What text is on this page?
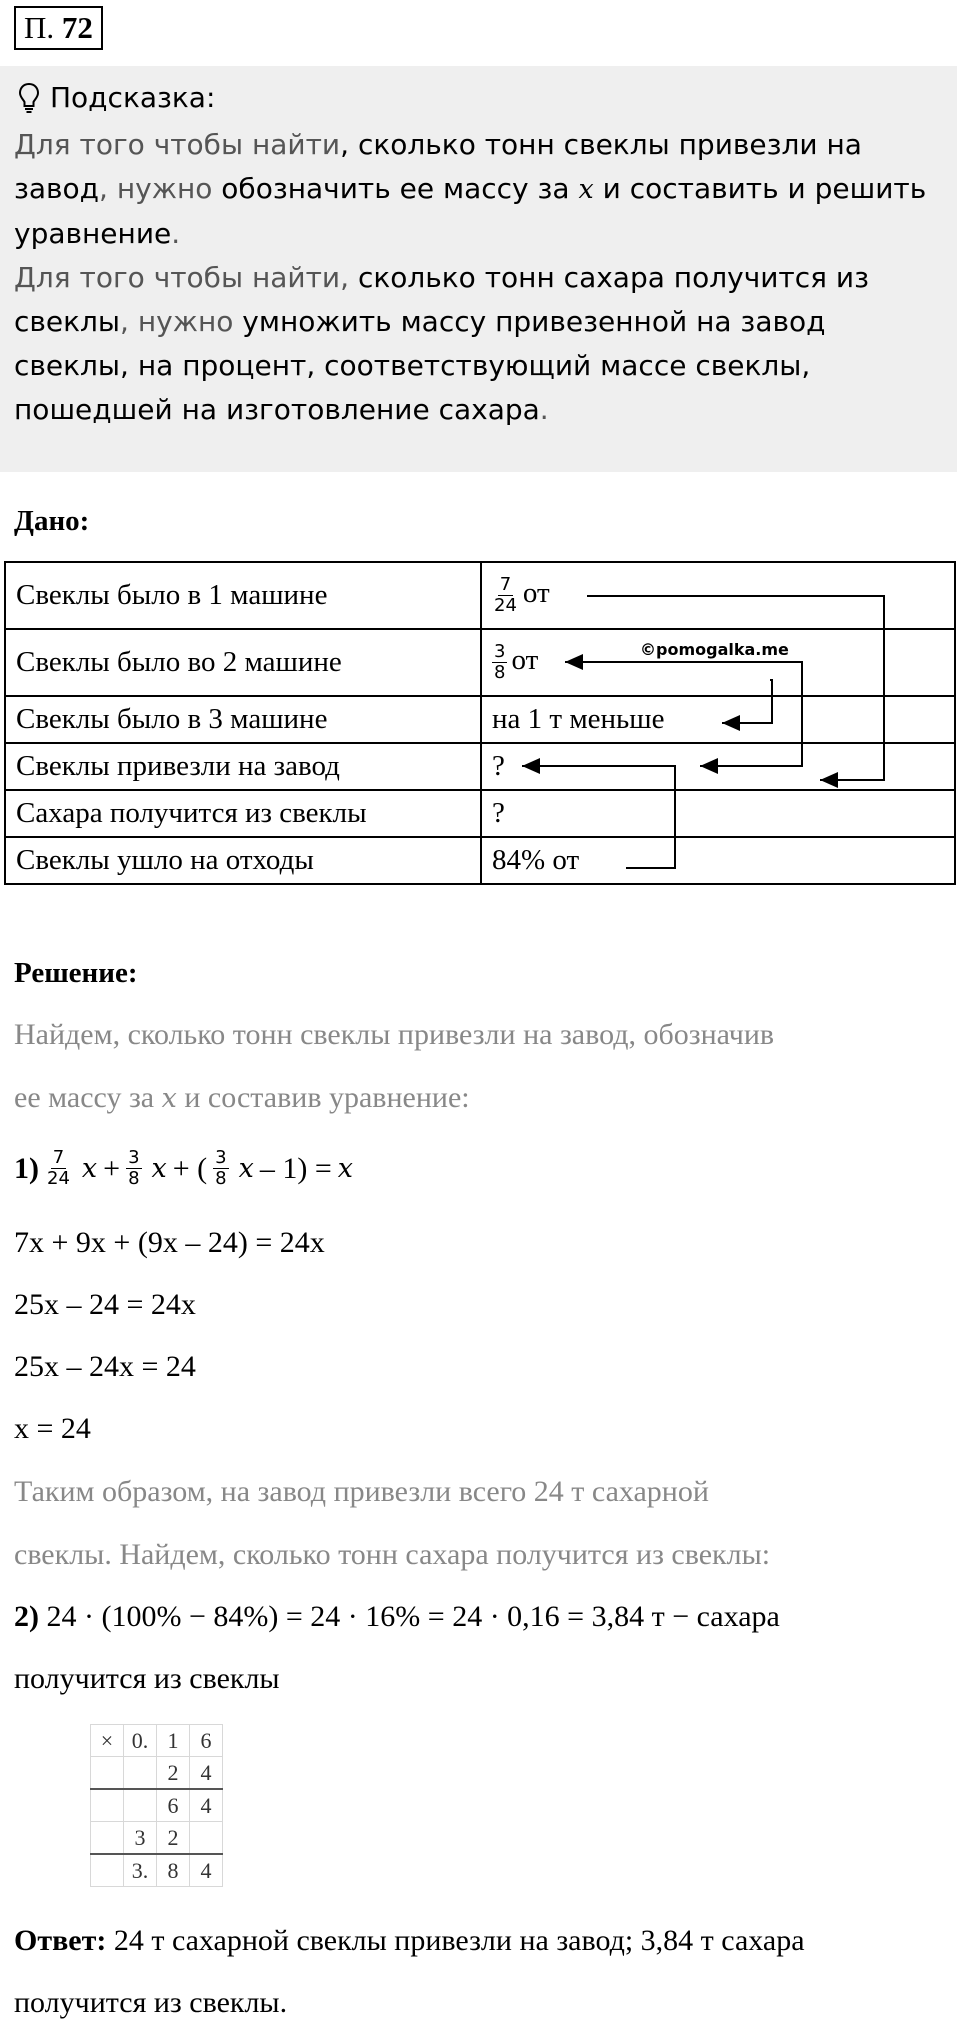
П. 72
Подсказка:

Для того чтобы найти, сколько тонн свеклы привезли на завод, нужно обозначить ее массу за x и составить и решить уравнение.

Для того чтобы найти, сколько тонн сахара получится из свеклы, нужно умножить массу привезенной на завод свеклы, на процент, соответствующий массе свеклы, пошедшей на изготовление сахара.

Дано:
Свеклы было в 1 машине	$\frac{7}{24}$ от
Свеклы было во 2 машине	$\frac{3}{8}$ от
Свеклы было в 3 машине	на 1 т меньше
Свеклы привезли на завод	?
Сахара получится из свеклы	?
Свеклы ушло на отходы	84% от
©pomogalka.me
Решение:
Найдем, сколько тонн свеклы привезли на завод, обозначив
ее массу за x и составив уравнение:
$1) \frac{7}{24}$ $x + \frac{3}{8}$ x + ( $\frac{3}{8}$ x – 1) = x
7x + 9x + (9x – 24) = 24x
25x – 24 = 24x
25x – 24x = 24
x = 24
Таким образом, на завод привезли всего 24 т сахарной
свеклы. Найдем, сколько тонн сахара получится из свеклы:
2) 24 · (100% − 84%) = 24 · 16% = 24 · 0,16 = 3,84 т − сахара
получится из свеклы
×	0.	1	6
		2	4
		6	4
	3	2	
	3.	8	4
Ответ: 24 т сахарной свеклы привезли на завод; 3,84 т сахара получится из свеклы.
